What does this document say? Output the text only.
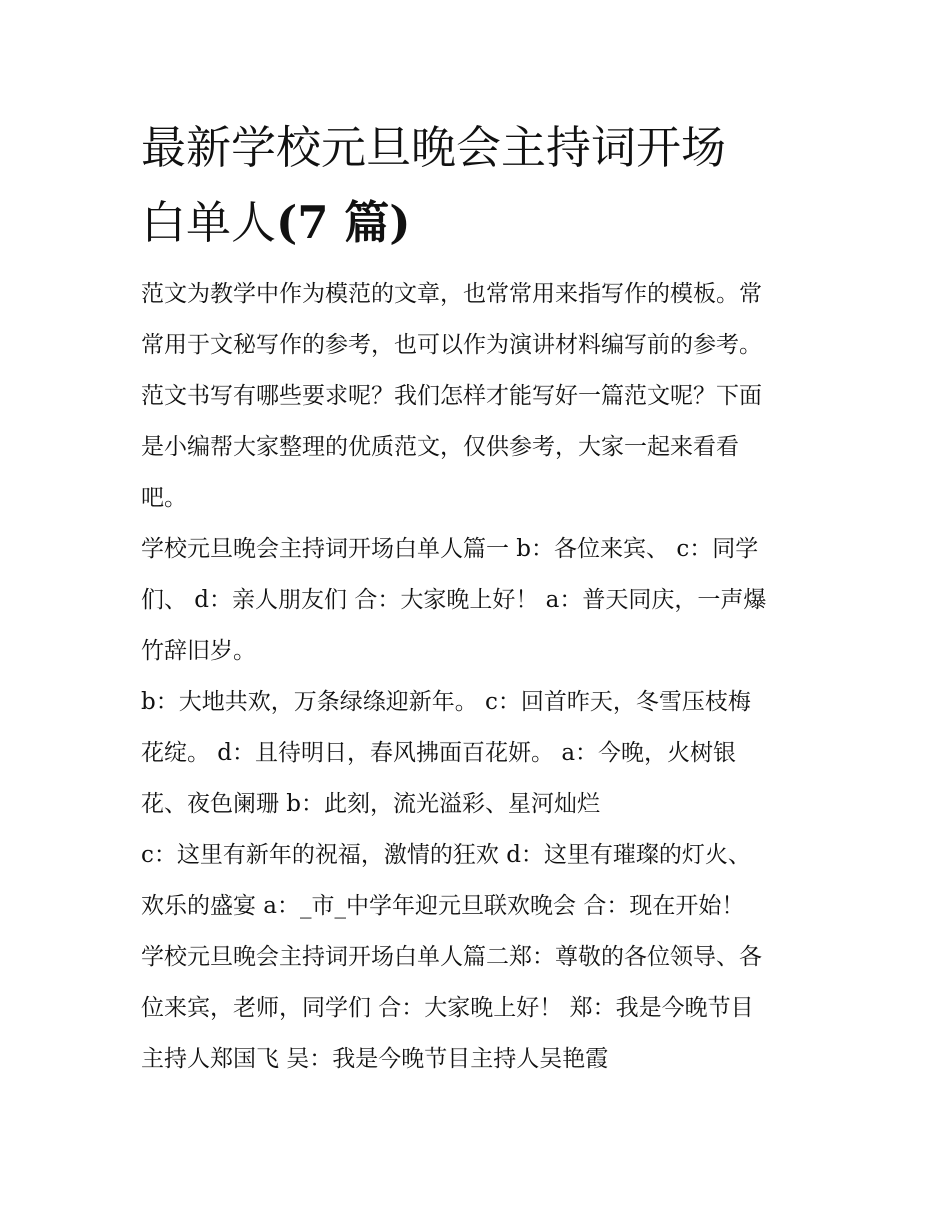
最新学校元旦晚会主持词开场
白单人(7 篇)

范文为教学中作为模范的文章，也常常用来指写作的模板。常
常用于文秘写作的参考，也可以作为演讲材料编写前的参考。
范文书写有哪些要求呢？我们怎样才能写好一篇范文呢？下面
是小编帮大家整理的优质范文，仅供参考，大家一起来看看
吧。

学校元旦晚会主持词开场白单人篇一 b：各位来宾、 c：同学
们、 d：亲人朋友们 合：大家晚上好！ a：普天同庆，一声爆
竹辞旧岁。

b：大地共欢，万条绿绦迎新年。 c：回首昨天，冬雪压枝梅
花绽。 d：且待明日，春风拂面百花妍。 a：今晚，火树银
花、夜色阑珊 b：此刻，流光溢彩、星河灿烂

c：这里有新年的祝福，激情的狂欢 d：这里有璀璨的灯火、
欢乐的盛宴 a：_市_中学年迎元旦联欢晚会 合：现在开始！

学校元旦晚会主持词开场白单人篇二郑：尊敬的各位领导、各
位来宾，老师，同学们 合：大家晚上好！ 郑：我是今晚节目
主持人郑国飞 吴：我是今晚节目主持人吴艳霞
